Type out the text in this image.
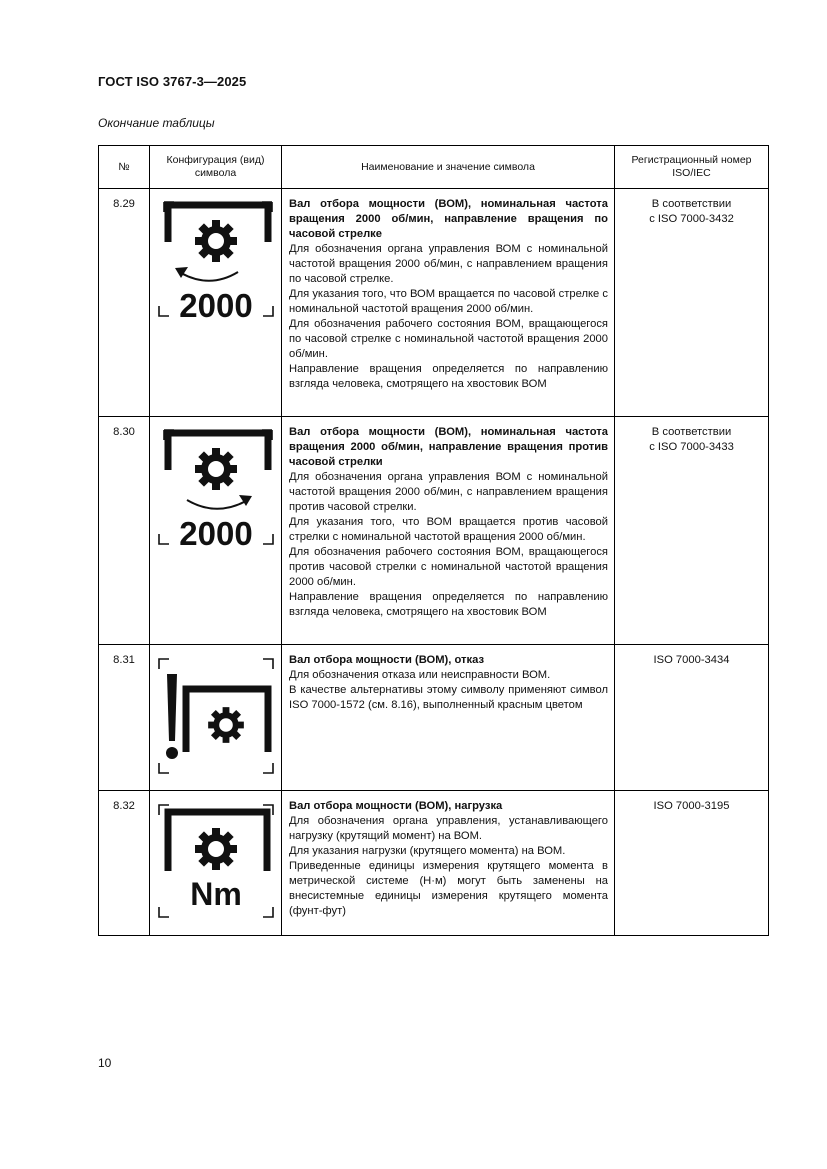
ГОСТ ISO 3767-3—2025
Окончание таблицы
№	Конфигурация (вид) символа	Наименование и значение символа	Регистрационный номер ISO/IEC
8.29	2000	Вал отбора мощности (ВОМ), номинальная частота вращения 2000 об/мин, направление вращения по часовой стрелке
Для обозначения органа управления ВОМ с номинальной частотой вращения 2000 об/мин, с направлением вращения по часовой стрелке.
Для указания того, что ВОМ вращается по часовой стрелке с номинальной частотой вращения 2000 об/мин.
Для обозначения рабочего состояния ВОМ, вращающегося по часовой стрелке с номинальной частотой вращения 2000 об/мин.
Направление вращения определяется по направлению взгляда человека, смотрящего на хвостовик ВОМ	В соответствии
с ISO 7000-3432

8.30	2000	Вал отбора мощности (ВОМ), номинальная частота вращения 2000 об/мин, направление вращения против часовой стрелки
Для обозначения органа управления ВОМ с номинальной частотой вращения 2000 об/мин, с направлением вращения против часовой стрелки.
Для указания того, что ВОМ вращается против часовой стрелки с номинальной частотой вращения 2000 об/мин.
Для обозначения рабочего состояния ВОМ, вращающегося против часовой стрелки с номинальной частотой вращения 2000 об/мин.
Направление вращения определяется по направлению взгляда человека, смотрящего на хвостовик ВОМ	В соответствии
с ISO 7000-3433

8.31		Вал отбора мощности (ВОМ), отказ
Для обозначения отказа или неисправности ВОМ.
В качестве альтернативы этому символу применяют символ ISO 7000-1572 (см. 8.16), выполненный красным цветом	ISO 7000-3434

8.32	Nm	Вал отбора мощности (ВОМ), нагрузка
Для обозначения органа управления, устанавливающего нагрузку (крутящий момент) на ВОМ.
Для указания нагрузки (крутящего момента) на ВОМ.
Приведенные единицы измерения крутящего момента в метрической системе (Н·м) могут быть заменены на внесистемные единицы измерения крутящего момента (фунт-фут)	ISO 7000-3195
10
